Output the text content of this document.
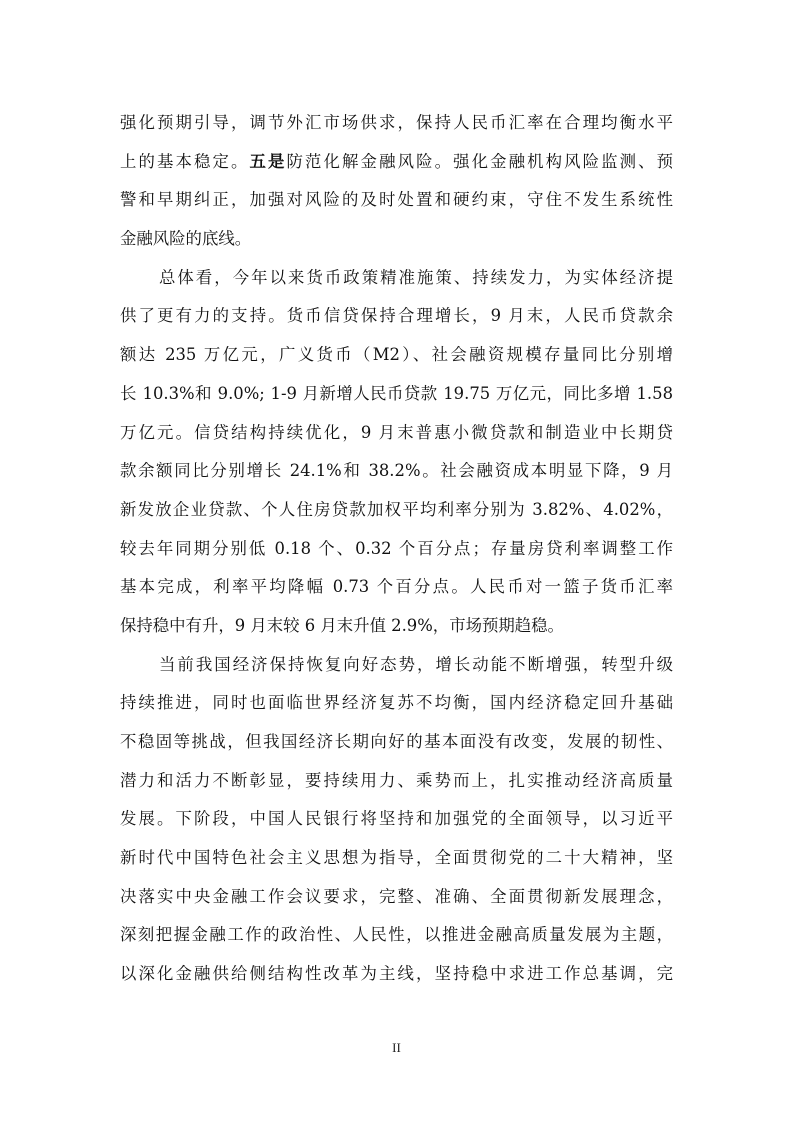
强化预期引导，调节外汇市场供求，保持人民币汇率在合理均衡水平
上的基本稳定。五是防范化解金融风险。强化金融机构风险监测、预
警和早期纠正，加强对风险的及时处置和硬约束，守住不发生系统性
金融风险的底线。
总体看，今年以来货币政策精准施策、持续发力，为实体经济提
供了更有力的支持。货币信贷保持合理增长，9 月末，人民币贷款余
额达 235 万亿元，广义货币（M2）、社会融资规模存量同比分别增
长 10.3%和 9.0%; 1-9 月新增人民币贷款 19.75 万亿元，同比多增 1.58
万亿元。信贷结构持续优化，9 月末普惠小微贷款和制造业中长期贷
款余额同比分别增长 24.1%和 38.2%。社会融资成本明显下降，9 月
新发放企业贷款、个人住房贷款加权平均利率分别为 3.82%、4.02%，
较去年同期分别低 0.18 个、0.32 个百分点；存量房贷利率调整工作
基本完成，利率平均降幅 0.73 个百分点。人民币对一篮子货币汇率
保持稳中有升，9 月末较 6 月末升值 2.9%，市场预期趋稳。
当前我国经济保持恢复向好态势，增长动能不断增强，转型升级
持续推进，同时也面临世界经济复苏不均衡，国内经济稳定回升基础
不稳固等挑战，但我国经济长期向好的基本面没有改变，发展的韧性、
潜力和活力不断彰显，要持续用力、乘势而上，扎实推动经济高质量
发展。下阶段，中国人民银行将坚持和加强党的全面领导，以习近平
新时代中国特色社会主义思想为指导，全面贯彻党的二十大精神，坚
决落实中央金融工作会议要求，完整、准确、全面贯彻新发展理念，
深刻把握金融工作的政治性、人民性，以推进金融高质量发展为主题，
以深化金融供给侧结构性改革为主线，坚持稳中求进工作总基调，完
II
